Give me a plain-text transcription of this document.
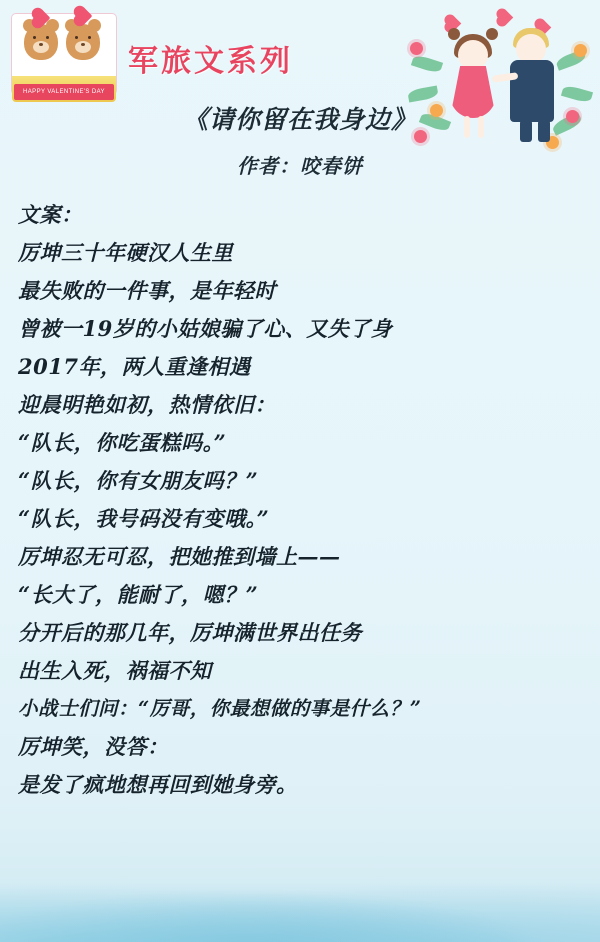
HAPPY VALENTINE'S DAY
军旅文系列
《请你留在我身边》
作者：咬春饼
文案：
厉坤三十年硬汉人生里
最失败的一件事，是年轻时
曾被一19岁的小姑娘骗了心、又失了身
2017年，两人重逢相遇
迎晨明艳如初，热情依旧：
“队长，你吃蛋糕吗。”
“队长，你有女朋友吗？”
“队长，我号码没有变哦。”
厉坤忍无可忍，把她推到墙上——
“长大了，能耐了，嗯？”
分开后的那几年，厉坤满世界出任务
出生入死，祸福不知
小战士们问：“厉哥，你最想做的事是什么？”
厉坤笑，没答：
是发了疯地想再回到她身旁。
